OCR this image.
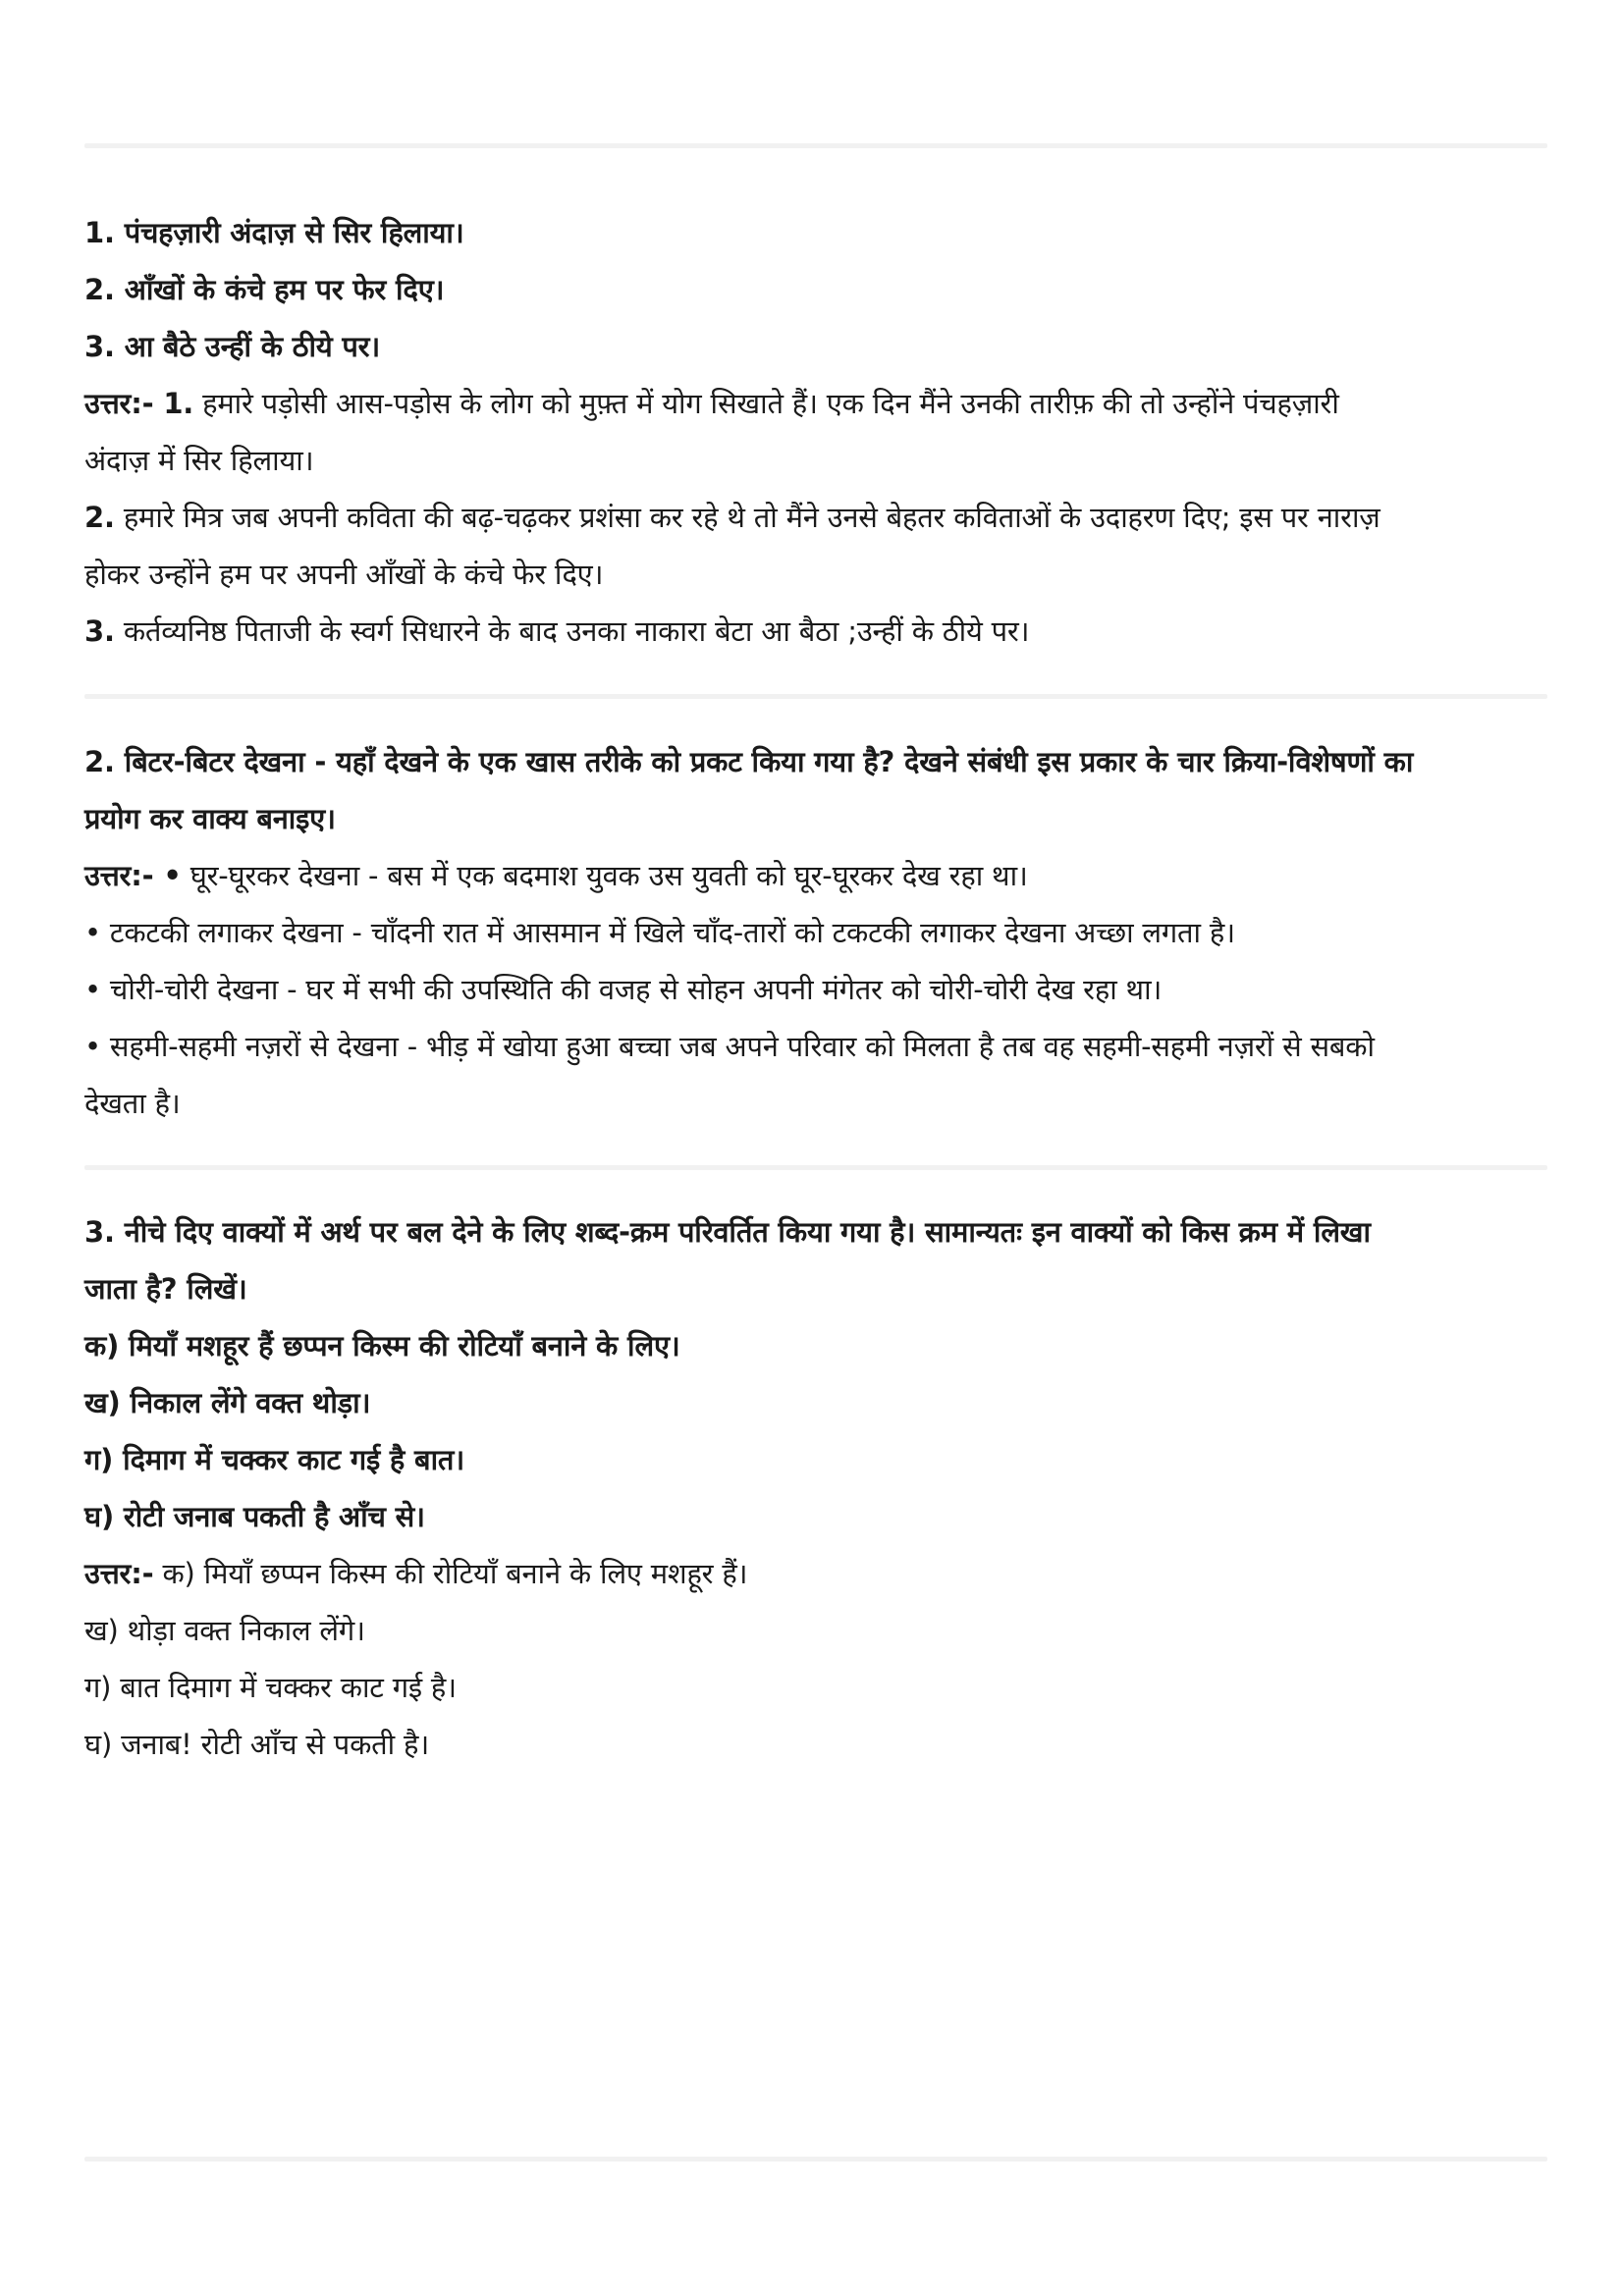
1. पंचहज़ारी अंदाज़ से सिर हिलाया।
2. आँखों के कंचे हम पर फेर दिए।
3. आ बैठे उन्हीं के ठीये पर।
उत्तर:- 1. हमारे पड़ोसी आस-पड़ोस के लोग को मुफ़्त में योग सिखाते हैं। एक दिन मैंने उनकी तारीफ़ की तो उन्होंने पंचहज़ारी
अंदाज़ में सिर हिलाया।
2. हमारे मित्र जब अपनी कविता की बढ़-चढ़कर प्रशंसा कर रहे थे तो मैंने उनसे बेहतर कविताओं के उदाहरण दिए; इस पर नाराज़
होकर उन्होंने हम पर अपनी आँखों के कंचे फेर दिए।
3. कर्तव्यनिष्ठ पिताजी के स्वर्ग सिधारने के बाद उनका नाकारा बेटा आ बैठा ;उन्हीं के ठीये पर।
2. बिटर-बिटर देखना - यहाँ देखने के एक खास तरीके को प्रकट किया गया है? देखने संबंधी इस प्रकार के चार क्रिया-विशेषणों का
प्रयोग कर वाक्य बनाइए।
उत्तर:- • घूर-घूरकर देखना - बस में एक बदमाश युवक उस युवती को घूर-घूरकर देख रहा था।
• टकटकी लगाकर देखना - चाँदनी रात में आसमान में खिले चाँद-तारों को टकटकी लगाकर देखना अच्छा लगता है।
• चोरी-चोरी देखना - घर में सभी की उपस्थिति की वजह से सोहन अपनी मंगेतर को चोरी-चोरी देख रहा था।
• सहमी-सहमी नज़रों से देखना - भीड़ में खोया हुआ बच्चा जब अपने परिवार को मिलता है तब वह सहमी-सहमी नज़रों से सबको
देखता है।
3. नीचे दिए वाक्यों में अर्थ पर बल देने के लिए शब्द-क्रम परिवर्तित किया गया है। सामान्यतः इन वाक्यों को किस क्रम में लिखा
जाता है? लिखें।
क) मियाँ मशहूर हैं छप्पन किस्म की रोटियाँ बनाने के लिए।
ख) निकाल लेंगे वक्त थोड़ा।
ग) दिमाग में चक्कर काट गई है बात।
घ) रोटी जनाब पकती है आँच से।
उत्तर:- क) मियाँ छप्पन किस्म की रोटियाँ बनाने के लिए मशहूर हैं।
ख) थोड़ा वक्त निकाल लेंगे।
ग) बात दिमाग में चक्कर काट गई है।
घ) जनाब! रोटी आँच से पकती है।
